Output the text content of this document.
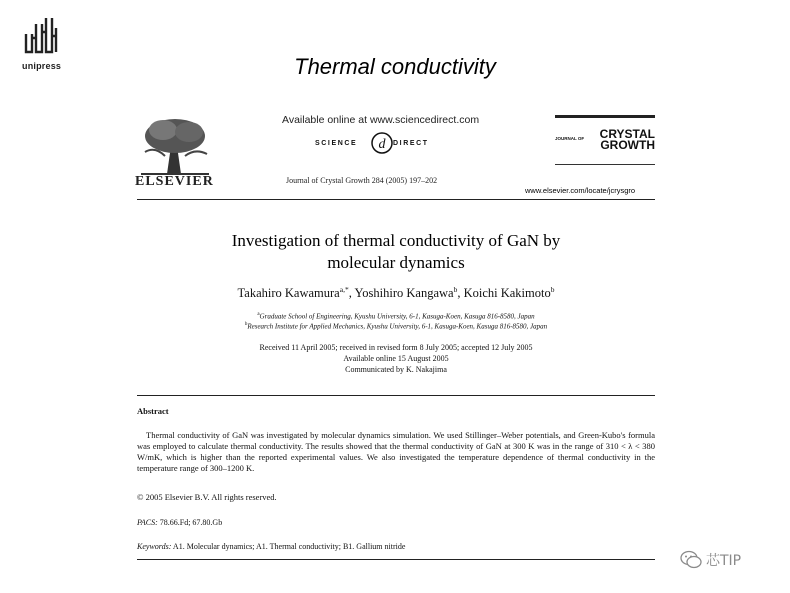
unipress	Thermal conductivity
ELSEVIER
Available online at www.sciencedirect.com
SCIENCE d DIRECT
Journal of Crystal Growth 284 (2005) 197–202
JOURNAL OF CRYSTAL
GROWTH
www.elsevier.com/locate/jcrysgro
Investigation of thermal conductivity of GaN by
molecular dynamics
Takahiro Kawamura$^{a,*}$, Yoshihiro Kangawa$^b$, Koichi Kakimoto$^b$
$^a$Graduate School of Engineering, Kyushu University, 6-1, Kasuga-Koen, Kasuga 816-8580, Japan
$^b$Research Institute for Applied Mechanics, Kyushu University, 6-1, Kasuga-Koen, Kasuga 816-8580, Japan
Received 11 April 2005; received in revised form 8 July 2005; accepted 12 July 2005
Available online 15 August 2005
Communicated by K. Nakajima
Abstract
Thermal conductivity of GaN was investigated by molecular dynamics simulation. We used Stillinger–Weber potentials, and Green-Kubo's formula was employed to calculate thermal conductivity. The results showed that the thermal conductivity of GaN at 300 K was in the range of 310 < λ < 380 W/mK, which is higher than the reported experimental values. We also investigated the temperature dependence of thermal conductivity in the temperature range of 300–1200 K.
© 2005 Elsevier B.V. All rights reserved.
PACS: 78.66.Fd; 67.80.Gb
Keywords: A1. Molecular dynamics; A1. Thermal conductivity; B1. Gallium nitride
芯TIP
